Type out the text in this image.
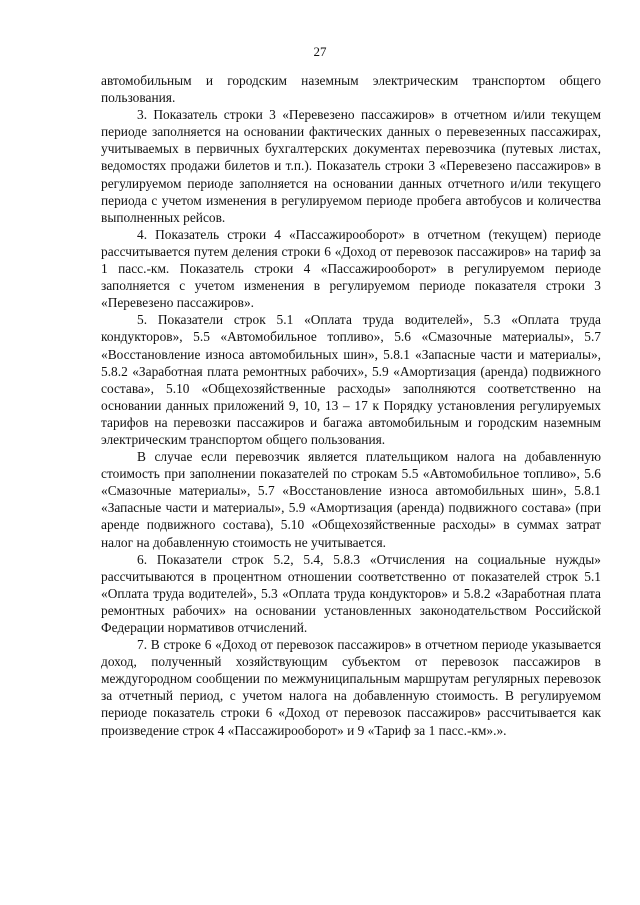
27

автомобильным и городским наземным электрическим транспортом общего пользования.

3. Показатель строки 3 «Перевезено пассажиров» в отчетном и/или текущем периоде заполняется на основании фактических данных о перевезенных пассажирах, учитываемых в первичных бухгалтерских документах перевозчика (путевых листах, ведомостях продажи билетов и т.п.). Показатель строки 3 «Перевезено пассажиров» в регулируемом периоде заполняется на основании данных отчетного и/или текущего периода с учетом изменения в регулируемом периоде пробега автобусов и количества выполненных рейсов.

4. Показатель строки 4 «Пассажирооборот» в отчетном (текущем) периоде рассчитывается путем деления строки 6 «Доход от перевозок пассажиров» на тариф за 1 пасс.-км. Показатель строки 4 «Пассажирооборот» в регулируемом периоде заполняется с учетом изменения в регулируемом периоде показателя строки 3 «Перевезено пассажиров».

5. Показатели строк 5.1 «Оплата труда водителей», 5.3 «Оплата труда кондукторов», 5.5 «Автомобильное топливо», 5.6 «Смазочные материалы», 5.7 «Восстановление износа автомобильных шин», 5.8.1 «Запасные части и материалы», 5.8.2 «Заработная плата ремонтных рабочих», 5.9 «Амортизация (аренда) подвижного состава», 5.10 «Общехозяйственные расходы» заполняются соответственно на основании данных приложений 9, 10, 13 – 17 к Порядку установления регулируемых тарифов на перевозки пассажиров и багажа автомобильным и городским наземным электрическим транспортом общего пользования.

В случае если перевозчик является плательщиком налога на добавленную стоимость при заполнении показателей по строкам 5.5 «Автомобильное топливо», 5.6 «Смазочные материалы», 5.7 «Восстановление износа автомобильных шин», 5.8.1 «Запасные части и материалы», 5.9 «Амортизация (аренда) подвижного состава» (при аренде подвижного состава), 5.10 «Общехозяйственные расходы» в суммах затрат налог на добавленную стоимость не учитывается.

6. Показатели строк 5.2, 5.4, 5.8.3 «Отчисления на социальные нужды» рассчитываются в процентном отношении соответственно от показателей строк 5.1 «Оплата труда водителей», 5.3 «Оплата труда кондукторов» и 5.8.2 «Заработная плата ремонтных рабочих» на основании установленных законодательством Российской Федерации нормативов отчислений.

7. В строке 6 «Доход от перевозок пассажиров» в отчетном периоде указывается доход, полученный хозяйствующим субъектом от перевозок пассажиров в междугородном сообщении по межмуниципальным маршрутам регулярных перевозок за отчетный период, с учетом налога на добавленную стоимость. В регулируемом периоде показатель строки 6 «Доход от перевозок пассажиров» рассчитывается как произведение строк 4 «Пассажирооборот» и 9 «Тариф за 1 пасс.-км».».
